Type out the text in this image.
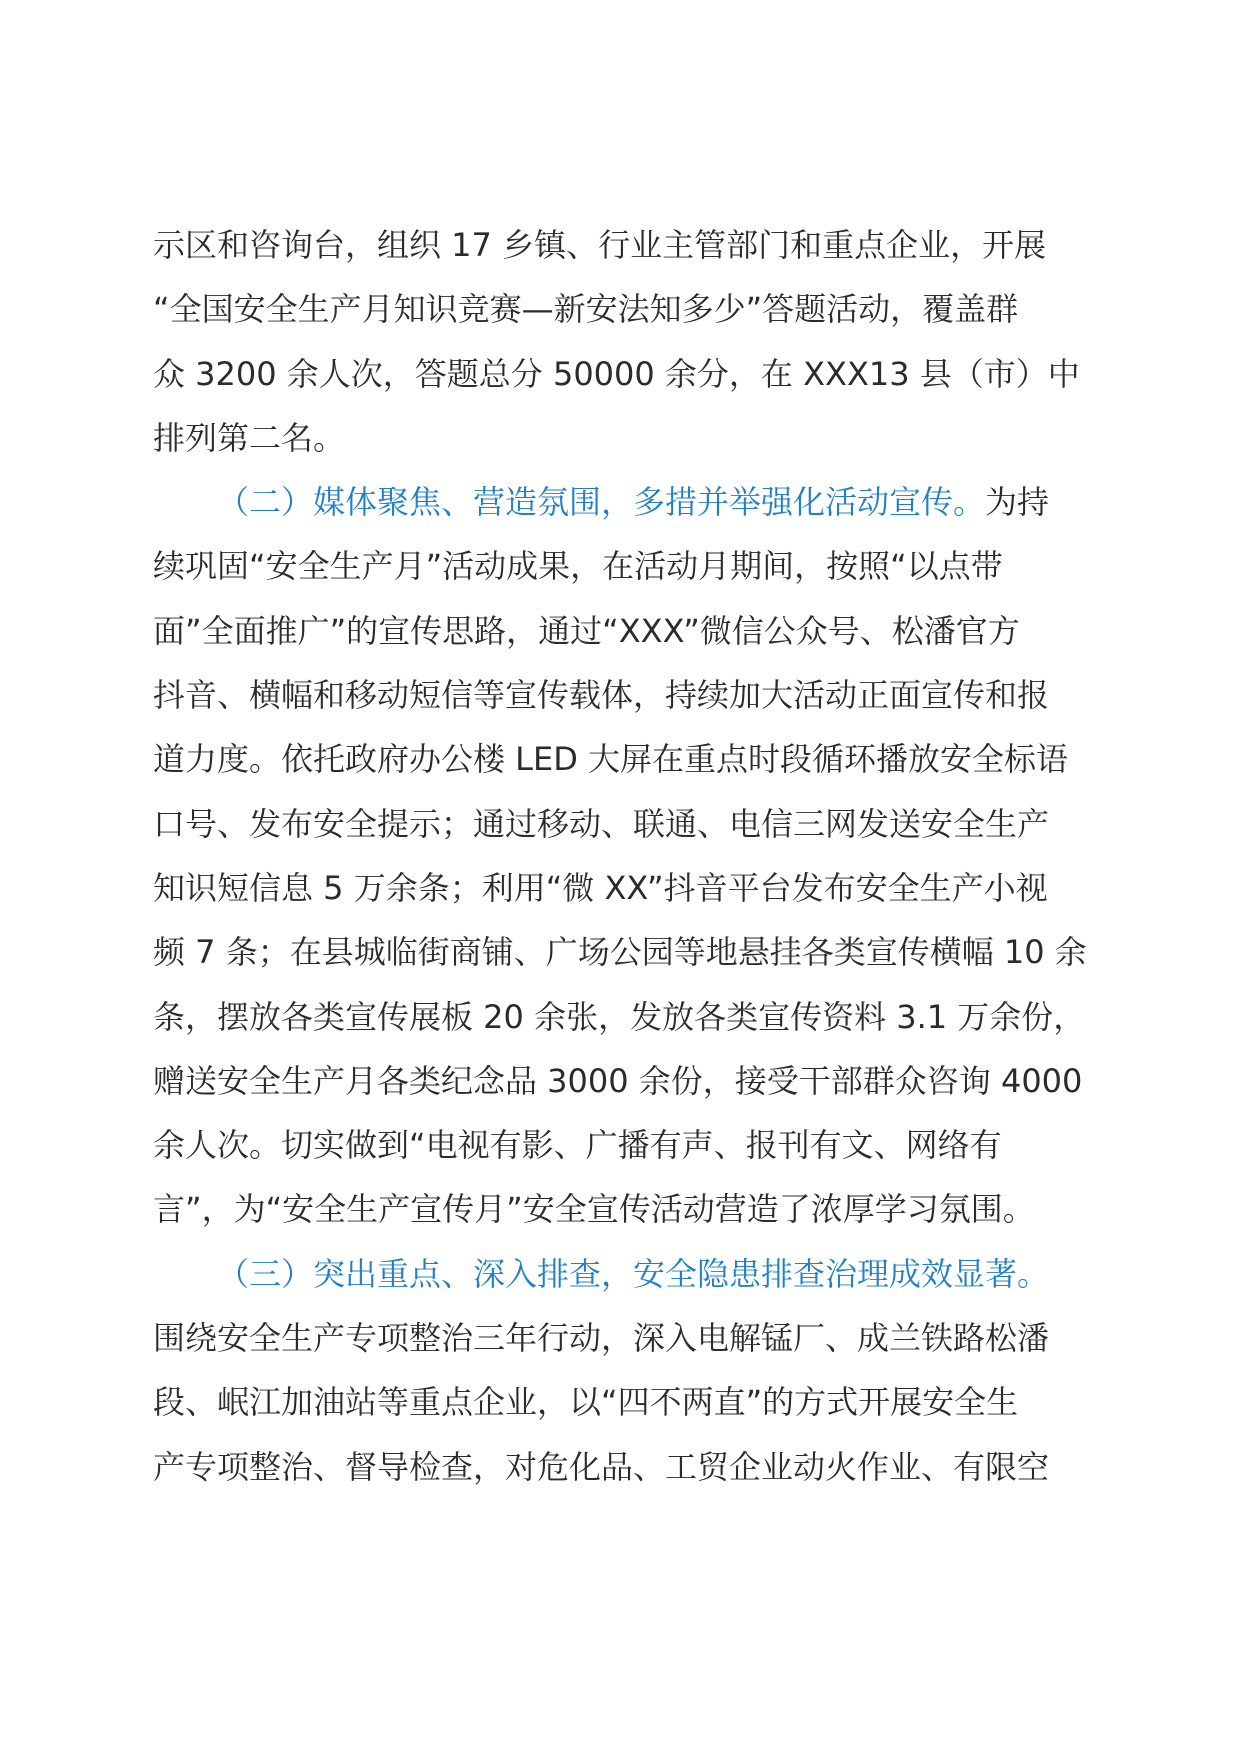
示区和咨询台，组织 17 乡镇、行业主管部门和重点企业，开展
“全国安全生产月知识竞赛—新安法知多少”答题活动，覆盖群
众 3200 余人次，答题总分 50000 余分，在 XXX13 县（市）中
排列第二名。
（二）媒体聚焦、营造氛围，多措并举强化活动宣传。为持
续巩固“安全生产月”活动成果，在活动月期间，按照“以点带
面”全面推广”的宣传思路，通过“XXX”微信公众号、松潘官方
抖音、横幅和移动短信等宣传载体，持续加大活动正面宣传和报
道力度。依托政府办公楼 LED 大屏在重点时段循环播放安全标语
口号、发布安全提示；通过移动、联通、电信三网发送安全生产
知识短信息 5 万余条；利用“微 XX”抖音平台发布安全生产小视
频 7 条；在县城临街商铺、广场公园等地悬挂各类宣传横幅 10 余
条，摆放各类宣传展板 20 余张，发放各类宣传资料 3.1 万余份，
赠送安全生产月各类纪念品 3000 余份，接受干部群众咨询 4000
余人次。切实做到“电视有影、广播有声、报刊有文、网络有
言”，为“安全生产宣传月”安全宣传活动营造了浓厚学习氛围。
（三）突出重点、深入排查，安全隐患排查治理成效显著。
围绕安全生产专项整治三年行动，深入电解锰厂、成兰铁路松潘
段、岷江加油站等重点企业，以“四不两直”的方式开展安全生
产专项整治、督导检查，对危化品、工贸企业动火作业、有限空
